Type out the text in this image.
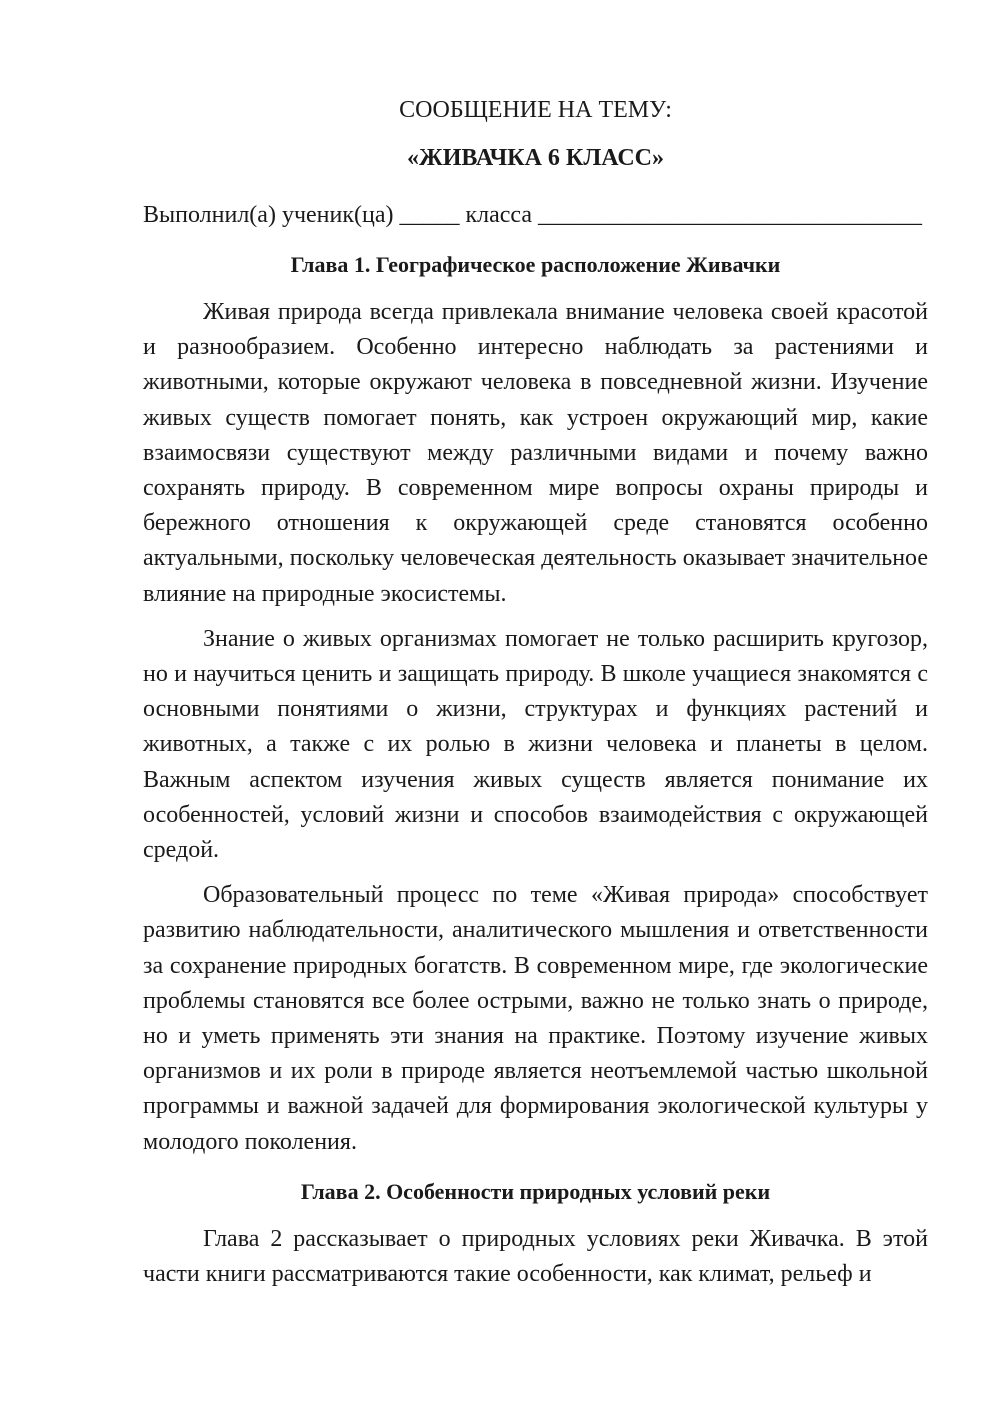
СООБЩЕНИЕ НА ТЕМУ:

«ЖИВАЧКА 6 КЛАСС»

Выполнил(а) ученик(ца) _____ класса ________________________________
Глава 1. Географическое расположение Живачки

Живая природа всегда привлекала внимание человека своей красотой и разнообразием. Особенно интересно наблюдать за растениями и животными, которые окружают человека в повседневной жизни. Изучение живых существ помогает понять, как устроен окружающий мир, какие взаимосвязи существуют между различными видами и почему важно сохранять природу. В современном мире вопросы охраны природы и бережного отношения к окружающей среде становятся особенно актуальными, поскольку человеческая деятельность оказывает значительное влияние на природные экосистемы.

Знание о живых организмах помогает не только расширить кругозор, но и научиться ценить и защищать природу. В школе учащиеся знакомятся с основными понятиями о жизни, структурах и функциях растений и животных, а также с их ролью в жизни человека и планеты в целом. Важным аспектом изучения живых существ является понимание их особенностей, условий жизни и способов взаимодействия с окружающей средой.

Образовательный процесс по теме «Живая природа» способствует развитию наблюдательности, аналитического мышления и ответственности за сохранение природных богатств. В современном мире, где экологические проблемы становятся все более острыми, важно не только знать о природе, но и уметь применять эти знания на практике. Поэтому изучение живых организмов и их роли в природе является неотъемлемой частью школьной программы и важной задачей для формирования экологической культуры у молодого поколения.

Глава 2. Особенности природных условий реки

Глава 2 рассказывает о природных условиях реки Живачка. В этой части книги рассматриваются такие особенности, как климат, рельеф и
